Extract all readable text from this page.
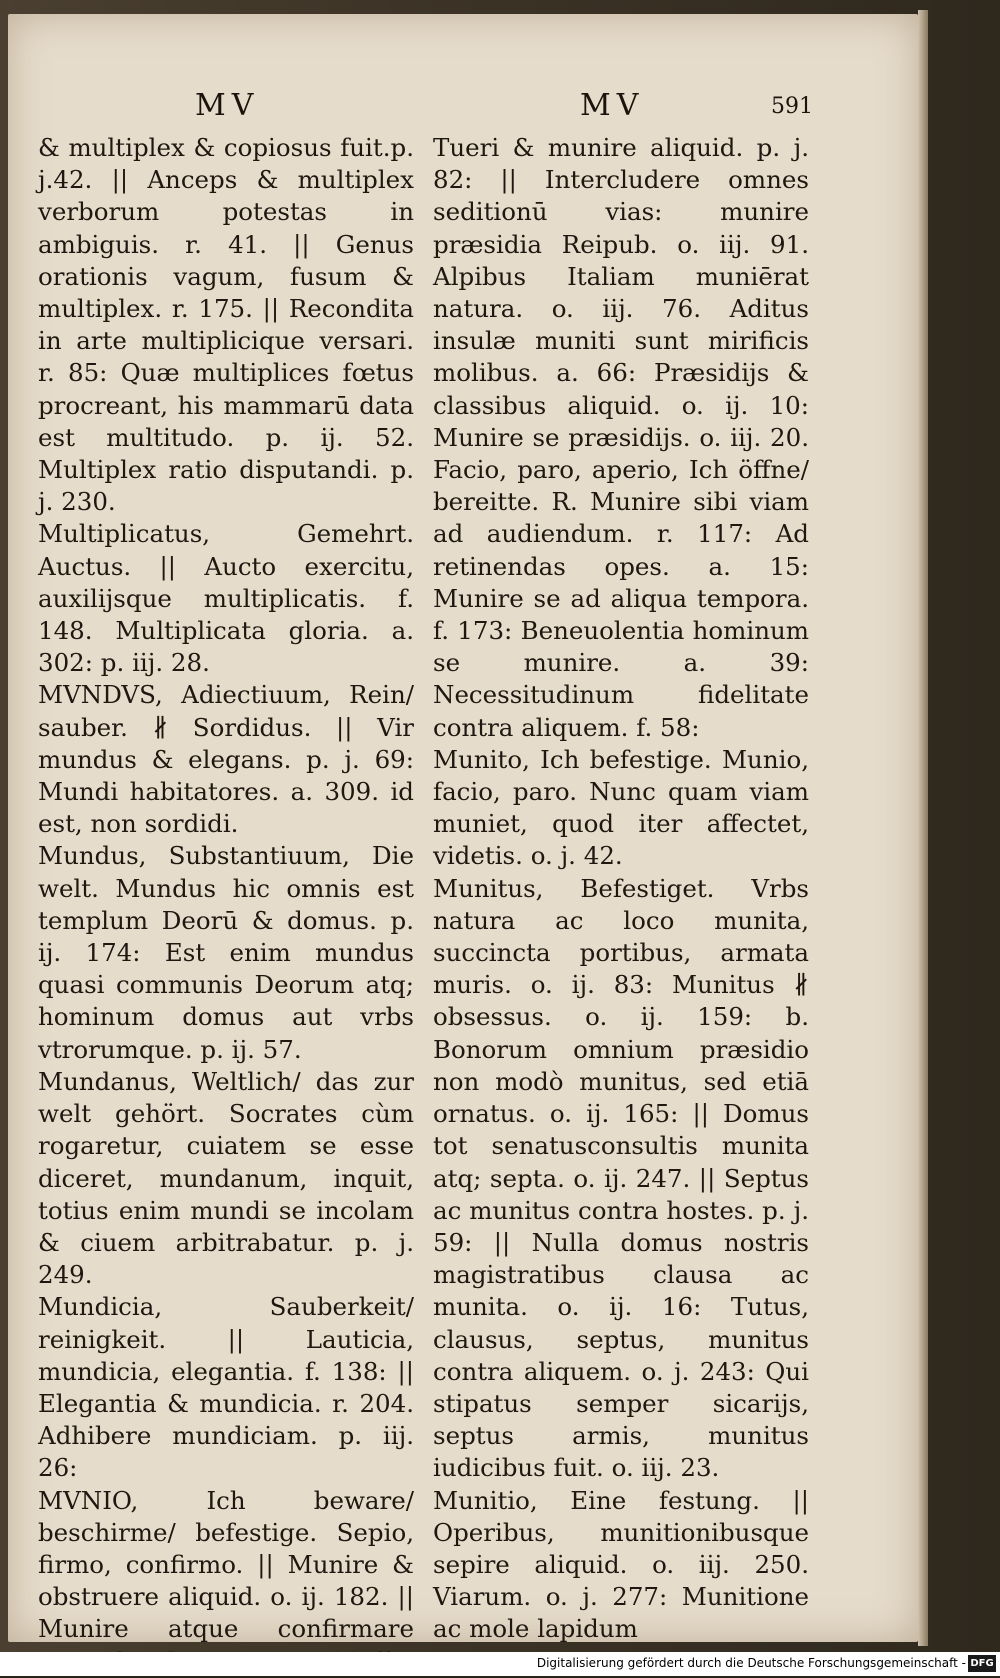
MV	MV	591

& multiplex & copiosus fuit.p. j.42. || Anceps & multiplex verborum potestas in ambiguis. r. 41. || Genus orationis vagum, fusum & multiplex. r. 175. || Recondita in arte multiplicique versari. r. 85: Quæ multiplices fœtus procreant, his mammarū data est multitudo. p. ij. 52. Multiplex ratio disputandi. p. j. 230.

Multiplicatus, Gemehrt. Auctus. || Aucto exercitu, auxilijsque multiplicatis. f. 148. Multiplicata gloria. a. 302: p. iij. 28.

MVNDVS, Adiectiuum, Rein/ sauber. ∦ Sordidus. || Vir mundus & elegans. p. j. 69: Mundi habitatores. a. 309. id est, non sordidi.

Mundus, Substantiuum, Die welt. Mundus hic omnis est templum Deorū & domus. p. ij. 174: Est enim mundus quasi communis Deorum atq; hominum domus aut vrbs vtrorumque. p. ij. 57.

Mundanus, Weltlich/ das zur welt gehört. Socrates cùm rogaretur, cuiatem se esse diceret, mundanum, inquit, totius enim mundi se incolam & ciuem arbitrabatur. p. j. 249.

Mundicia, Sauberkeit/ reinigkeit. || Lauticia, mundicia, elegantia. f. 138: || Elegantia & mundicia. r. 204. Adhibere mundiciam. p. iij. 26:

MVNIO, Ich beware/ beschirme/ befestige. Sepio, firmo, confirmo. || Munire & obstruere aliquid. o. ij. 182. || Munire atque confirmare

Tueri & munire aliquid. p. j. 82: || Intercludere omnes seditionū vias: munire præsidia Reipub. o. iij. 91. Alpibus Italiam muniērat natura. o. iij. 76. Aditus insulæ muniti sunt mirificis molibus. a. 66: Præsidijs & classibus aliquid. o. ij. 10: Munire se præsidijs. o. iij. 20. Facio, paro, aperio, Ich öffne/ bereitte. R. Munire sibi viam ad audiendum. r. 117: Ad retinendas opes. a. 15: Munire se ad aliqua tempora. f. 173: Beneuolentia hominum se munire. a. 39: Necessitudinum fidelitate contra aliquem. f. 58:

Munito, Ich befestige. Munio, facio, paro. Nunc quam viam muniet, quod iter affectet, videtis. o. j. 42.

Munitus, Befestiget. Vrbs natura ac loco munita, succincta portibus, armata muris. o. ij. 83: Munitus ∦ obsessus. o. ij. 159: b. Bonorum omnium præsidio non modò munitus, sed etiā ornatus. o. ij. 165: || Domus tot senatusconsultis munita atq; septa. o. ij. 247. || Septus ac munitus contra hostes. p. j. 59: || Nulla domus nostris magistratibus clausa ac munita. o. ij. 16: Tutus, clausus, septus, munitus contra aliquem. o. j. 243: Qui stipatus semper sicarijs, septus armis, munitus iudicibus fuit. o. iij. 23.

Munitio, Eine festung. || Operibus, munitionibusque sepire aliquid. o. iij. 250. Viarum. o. j. 277: Munitione ac mole lapidum

Digitalisierung gefördert durch die Deutsche Forschungsgemeinschaft - DFG
